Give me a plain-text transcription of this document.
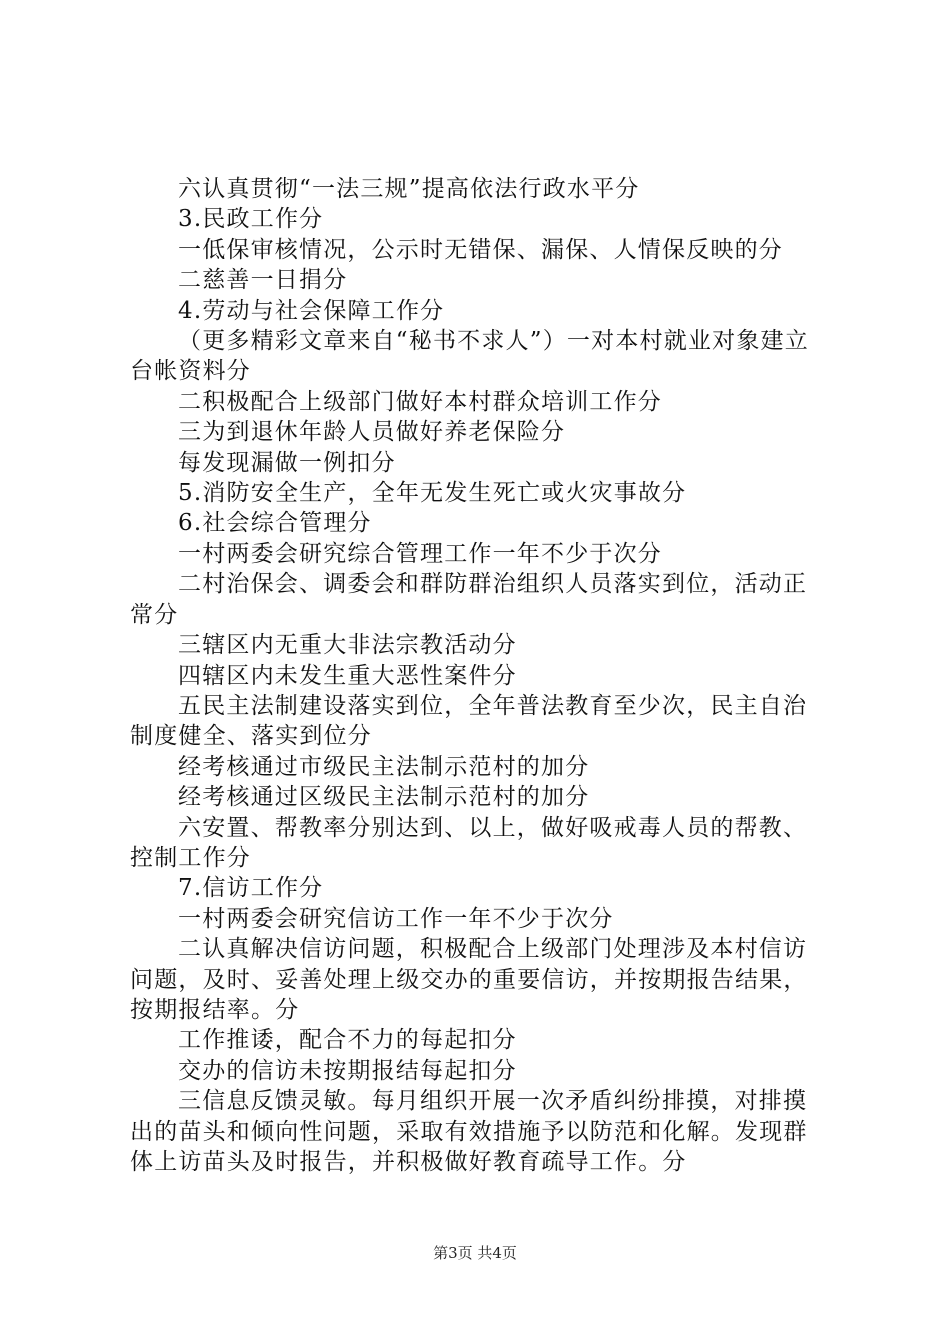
六认真贯彻“一法三规”提高依法行政水平分

3.民政工作分

一低保审核情况，公示时无错保、漏保、人情保反映的分

二慈善一日捐分

4.劳动与社会保障工作分

（更多精彩文章来自“秘书不求人”）一对本村就业对象建立台帐资料分

二积极配合上级部门做好本村群众培训工作分

三为到退休年龄人员做好养老保险分

每发现漏做一例扣分

5.消防安全生产，全年无发生死亡或火灾事故分

6.社会综合管理分

一村两委会研究综合管理工作一年不少于次分

二村治保会、调委会和群防群治组织人员落实到位，活动正常分

三辖区内无重大非法宗教活动分

四辖区内未发生重大恶性案件分

五民主法制建设落实到位，全年普法教育至少次，民主自治制度健全、落实到位分

经考核通过市级民主法制示范村的加分

经考核通过区级民主法制示范村的加分

六安置、帮教率分别达到、以上，做好吸戒毒人员的帮教、控制工作分

7.信访工作分

一村两委会研究信访工作一年不少于次分

二认真解决信访问题，积极配合上级部门处理涉及本村信访问题，及时、妥善处理上级交办的重要信访，并按期报告结果，按期报结率。分

工作推诿，配合不力的每起扣分

交办的信访未按期报结每起扣分

三信息反馈灵敏。每月组织开展一次矛盾纠纷排摸，对排摸出的苗头和倾向性问题，采取有效措施予以防范和化解。发现群体上访苗头及时报告，并积极做好教育疏导工作。分

第3页 共4页
